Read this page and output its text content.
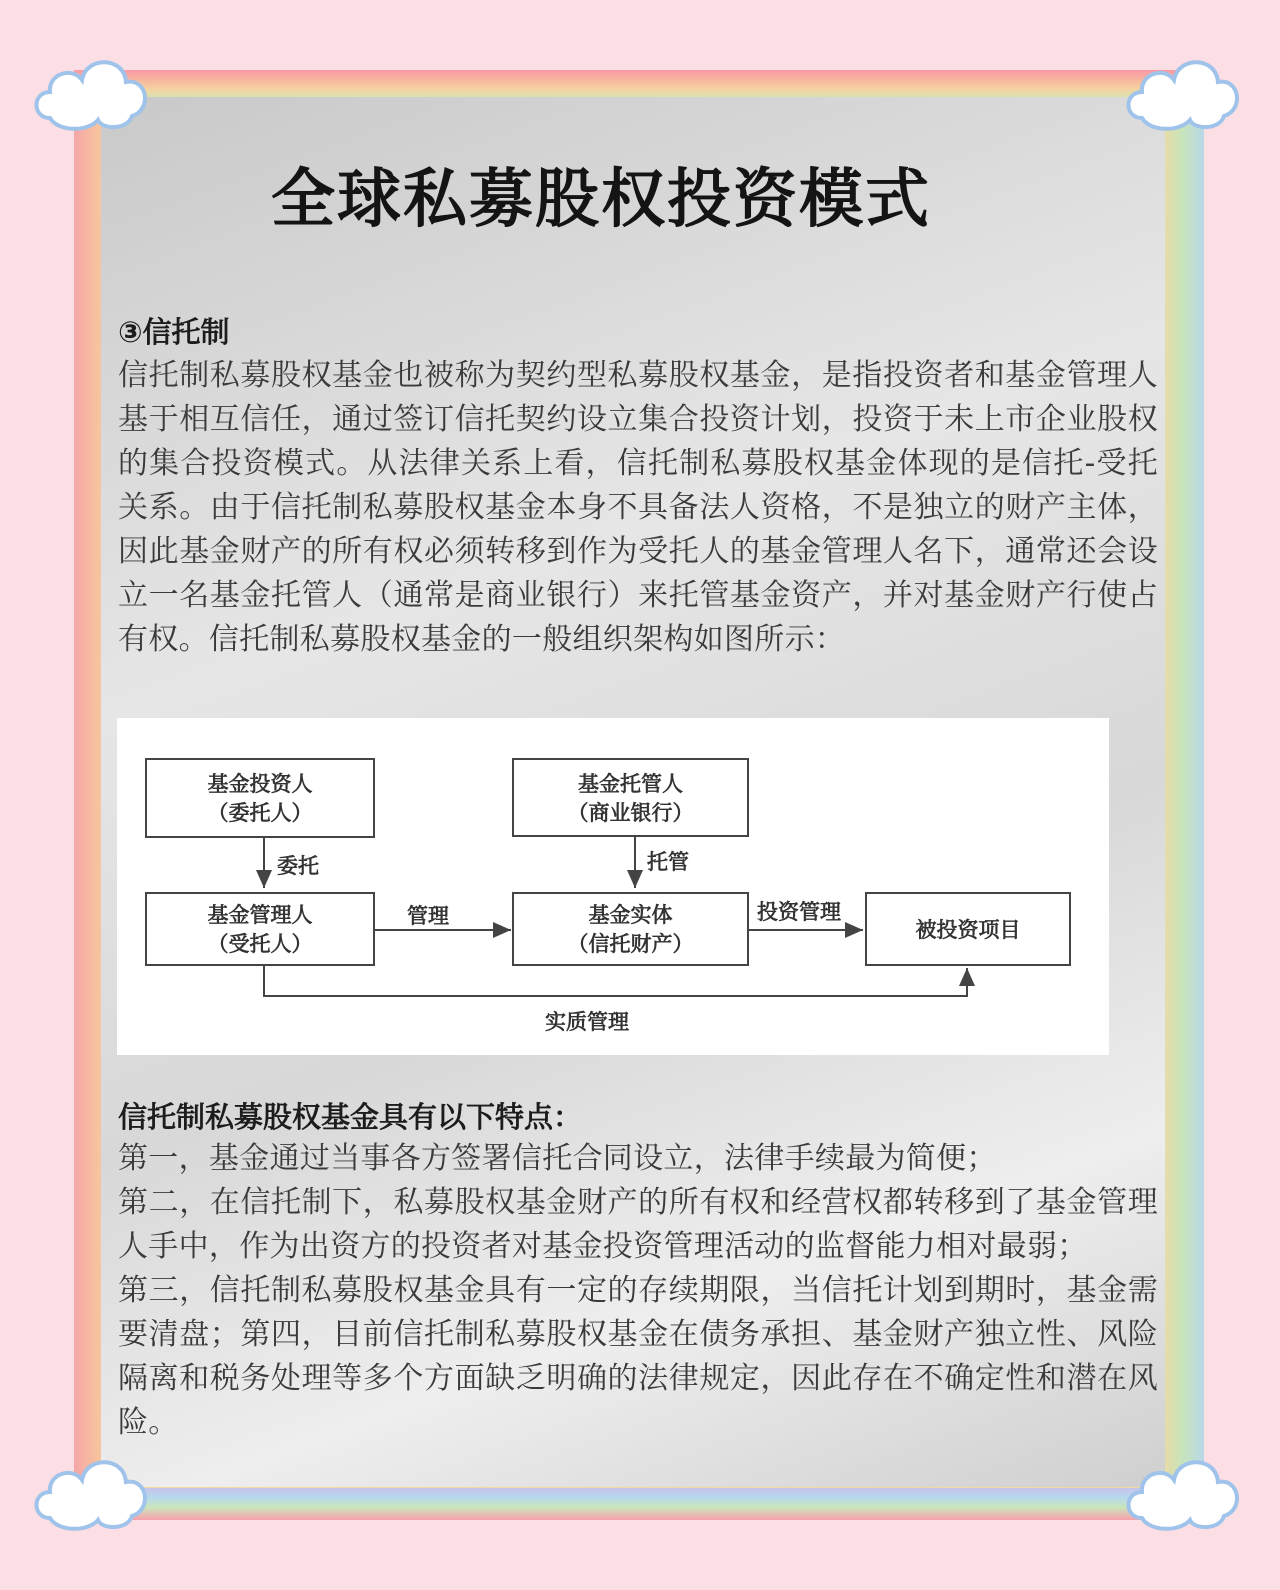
全球私募股权投资模式
③信托制
信托制私募股权基金也被称为契约型私募股权基金，是指投资者和基金管理人基于相互信任，通过签订信托契约设立集合投资计划，投资于未上市企业股权的集合投资模式。从法律关系上看，信托制私募股权基金体现的是信托-受托关系。由于信托制私募股权基金本身不具备法人资格，不是独立的财产主体，因此基金财产的所有权必须转移到作为受托人的基金管理人名下，通常还会设立一名基金托管人（通常是商业银行）来托管基金资产，并对基金财产行使占有权。信托制私募股权基金的一般组织架构如图所示：
基金投资人
（委托人）
基金托管人
（商业银行）
基金管理人
（受托人）
基金实体
（信托财产）
被投资项目
委托	托管
管理	投资管理
实质管理
信托制私募股权基金具有以下特点：
第一，基金通过当事各方签署信托合同设立，法律手续最为简便；
第二，在信托制下，私募股权基金财产的所有权和经营权都转移到了基金管理人手中，作为出资方的投资者对基金投资管理活动的监督能力相对最弱；
第三，信托制私募股权基金具有一定的存续期限，当信托计划到期时，基金需要清盘；第四，目前信托制私募股权基金在债务承担、基金财产独立性、风险隔离和税务处理等多个方面缺乏明确的法律规定，因此存在不确定性和潜在风险。
